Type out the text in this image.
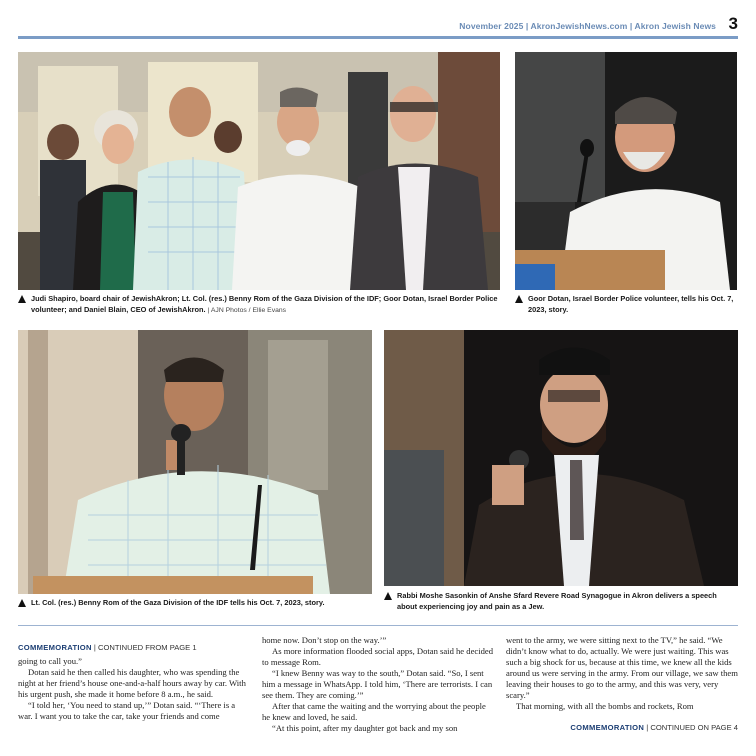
November 2025 | AkronJewishNews.com | Akron Jewish News 3
Judi Shapiro, board chair of JewishAkron; Lt. Col. (res.) Benny Rom of the Gaza Division of the IDF; Goor Dotan, Israel Border Police volunteer; and Daniel Blain, CEO of JewishAkron. | AJN Photos / Ellie Evans
Goor Dotan, Israel Border Police volunteer, tells his Oct. 7, 2023, story.
Lt. Col. (res.) Benny Rom of the Gaza Division of the IDF tells his Oct. 7, 2023, story.
Rabbi Moshe Sasonkin of Anshe Sfard Revere Road Synagogue in Akron delivers a speech about experiencing joy and pain as a Jew.
COMMEMORATION | CONTINUED FROM PAGE 1

going to call you.”

Dotan said he then called his daughter, who was spending the night at her friend’s house one-and-a-half hours away by car. With his urgent push, she made it home before 8 a.m., he said.

“I told her, ‘You need to stand up,’” Dotan said. “‘There is a war. I want you to take the car, take your friends and come

home now. Don’t stop on the way.’”

As more information flooded social apps, Dotan said he decided to message Rom.

“I knew Benny was way to the south,” Dotan said. “So, I sent him a message in WhatsApp. I told him, ‘There are terrorists. I can see them. They are coming.’”

After that came the waiting and the worrying about the people he knew and loved, he said.

“At this point, after my daughter got back and my son

went to the army, we were sitting next to the TV,” he said. “We didn’t know what to do, actually. We were just waiting. This was such a big shock for us, because at this time, we knew all the kids around us were serving in the army. From our village, we saw them leaving their houses to go to the army, and this was very, very scary.”

That morning, with all the bombs and rockets, Rom

COMMEMORATION | CONTINUED ON PAGE 4
